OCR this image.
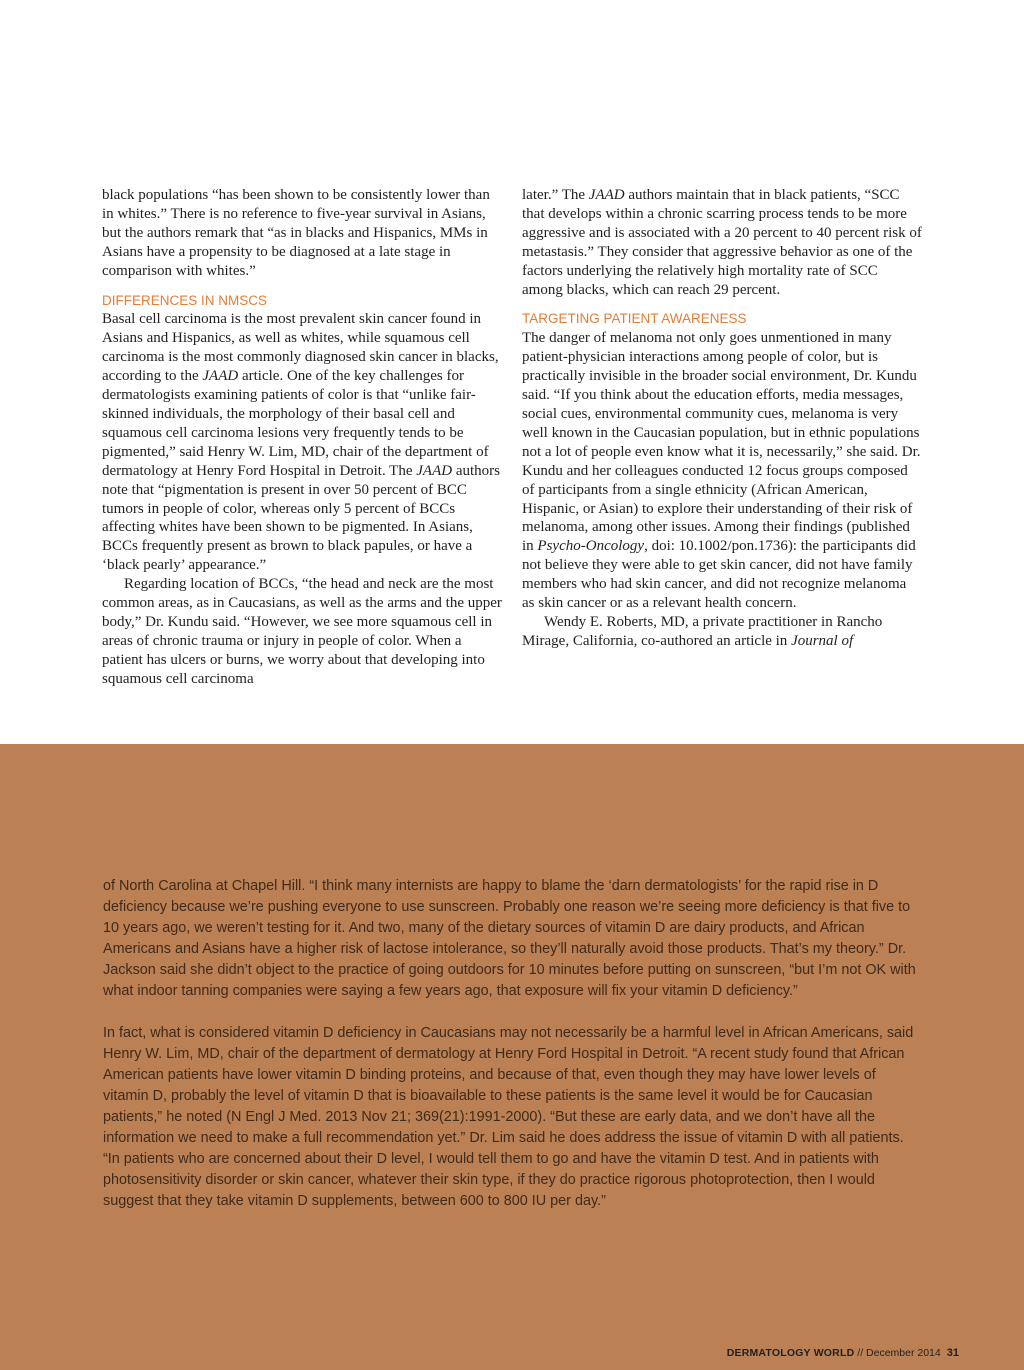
black populations “has been shown to be consistently lower than in whites.” There is no reference to five-year survival in Asians, but the authors remark that “as in blacks and Hispanics, MMs in Asians have a propensity to be diagnosed at a late stage in comparison with whites.”

DIFFERENCES IN NMSCS

Basal cell carcinoma is the most prevalent skin cancer found in Asians and Hispanics, as well as whites, while squamous cell carcinoma is the most commonly diagnosed skin cancer in blacks, according to the JAAD article. One of the key challenges for dermatologists examining patients of color is that “unlike fair-skinned individuals, the morphology of their basal cell and squamous cell carcinoma lesions very frequently tends to be pigmented,” said Henry W. Lim, MD, chair of the department of dermatology at Henry Ford Hospital in Detroit. The JAAD authors note that “pigmentation is present in over 50 percent of BCC tumors in people of color, whereas only 5 percent of BCCs affecting whites have been shown to be pigmented. In Asians, BCCs frequently present as brown to black papules, or have a ‘black pearly’ appearance.”

Regarding location of BCCs, “the head and neck are the most common areas, as in Caucasians, as well as the arms and the upper body,” Dr. Kundu said. “However, we see more squamous cell in areas of chronic trauma or injury in people of color. When a patient has ulcers or burns, we worry about that developing into squamous cell carcinoma

later.” The JAAD authors maintain that in black patients, “SCC that develops within a chronic scarring process tends to be more aggressive and is associated with a 20 percent to 40 percent risk of metastasis.” They consider that aggressive behavior as one of the factors underlying the relatively high mortality rate of SCC among blacks, which can reach 29 percent.

TARGETING PATIENT AWARENESS

The danger of melanoma not only goes unmentioned in many patient-physician interactions among people of color, but is practically invisible in the broader social environment, Dr. Kundu said. “If you think about the education efforts, media messages, social cues, environmental community cues, melanoma is very well known in the Caucasian population, but in ethnic populations not a lot of people even know what it is, necessarily,” she said. Dr. Kundu and her colleagues conducted 12 focus groups composed of participants from a single ethnicity (African American, Hispanic, or Asian) to explore their understanding of their risk of melanoma, among other issues. Among their findings (published in Psycho-Oncology, doi: 10.1002/pon.1736): the participants did not believe they were able to get skin cancer, did not have family members who had skin cancer, and did not recognize melanoma as skin cancer or as a relevant health concern.

Wendy E. Roberts, MD, a private practitioner in Rancho Mirage, California, co-authored an article in Journal of

of North Carolina at Chapel Hill. “I think many internists are happy to blame the ‘darn dermatologists’ for the rapid rise in D deficiency because we’re pushing everyone to use sunscreen. Probably one reason we’re seeing more deficiency is that five to 10 years ago, we weren’t testing for it. And two, many of the dietary sources of vitamin D are dairy products, and African Americans and Asians have a higher risk of lactose intolerance, so they’ll naturally avoid those products. That’s my theory.” Dr. Jackson said she didn’t object to the practice of going outdoors for 10 minutes before putting on sunscreen, “but I’m not OK with what indoor tanning companies were saying a few years ago, that exposure will fix your vitamin D deficiency.”

In fact, what is considered vitamin D deficiency in Caucasians may not necessarily be a harmful level in African Americans, said Henry W. Lim, MD, chair of the department of dermatology at Henry Ford Hospital in Detroit. “A recent study found that African American patients have lower vitamin D binding proteins, and because of that, even though they may have lower levels of vitamin D, probably the level of vitamin D that is bioavailable to these patients is the same level it would be for Caucasian patients,” he noted (N Engl J Med. 2013 Nov 21; 369(21):1991-2000). “But these are early data, and we don’t have all the information we need to make a full recommendation yet.” Dr. Lim said he does address the issue of vitamin D with all patients. “In patients who are concerned about their D level, I would tell them to go and have the vitamin D test. And in patients with photosensitivity disorder or skin cancer, whatever their skin type, if they do practice rigorous photoprotection, then I would suggest that they take vitamin D supplements, between 600 to 800 IU per day.”

DERMATOLOGY WORLD // December 2014 31
